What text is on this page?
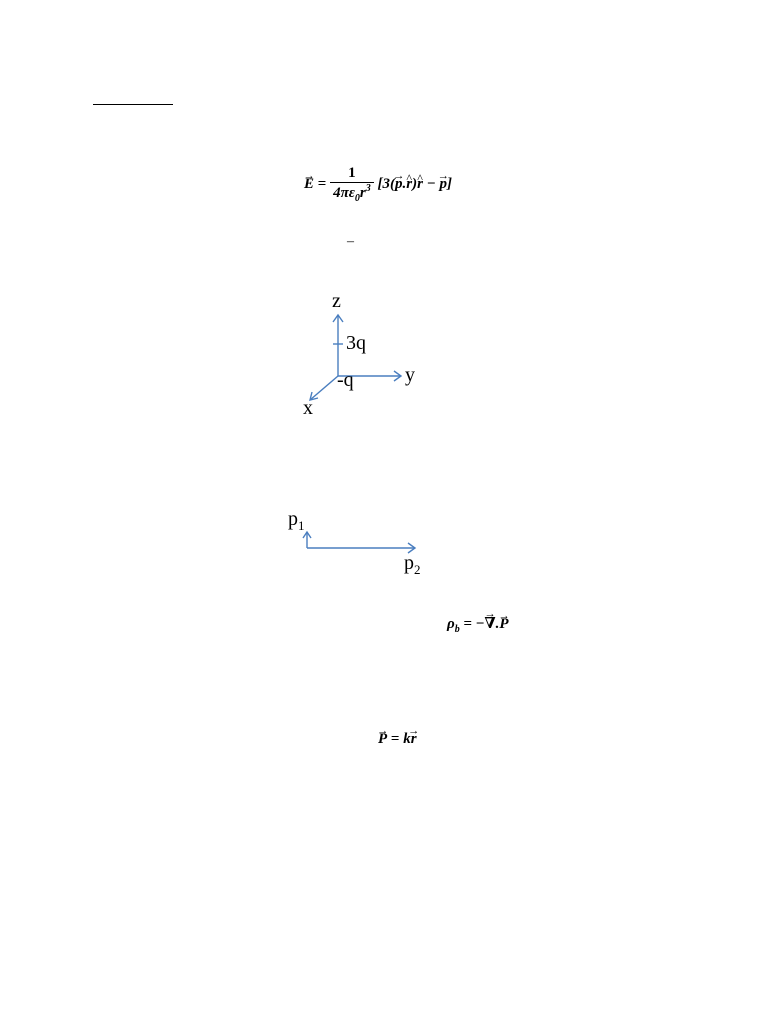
→ $E = \frac{1}{4\pi\varepsilon_0r^3} [3(\to$ p.^ r)^ r − → p]
–
z
3q
y
-q
x
$p_1$
$p_2$
$\rho_b$ = −→ ∇.→ P
→ P = k→ r
